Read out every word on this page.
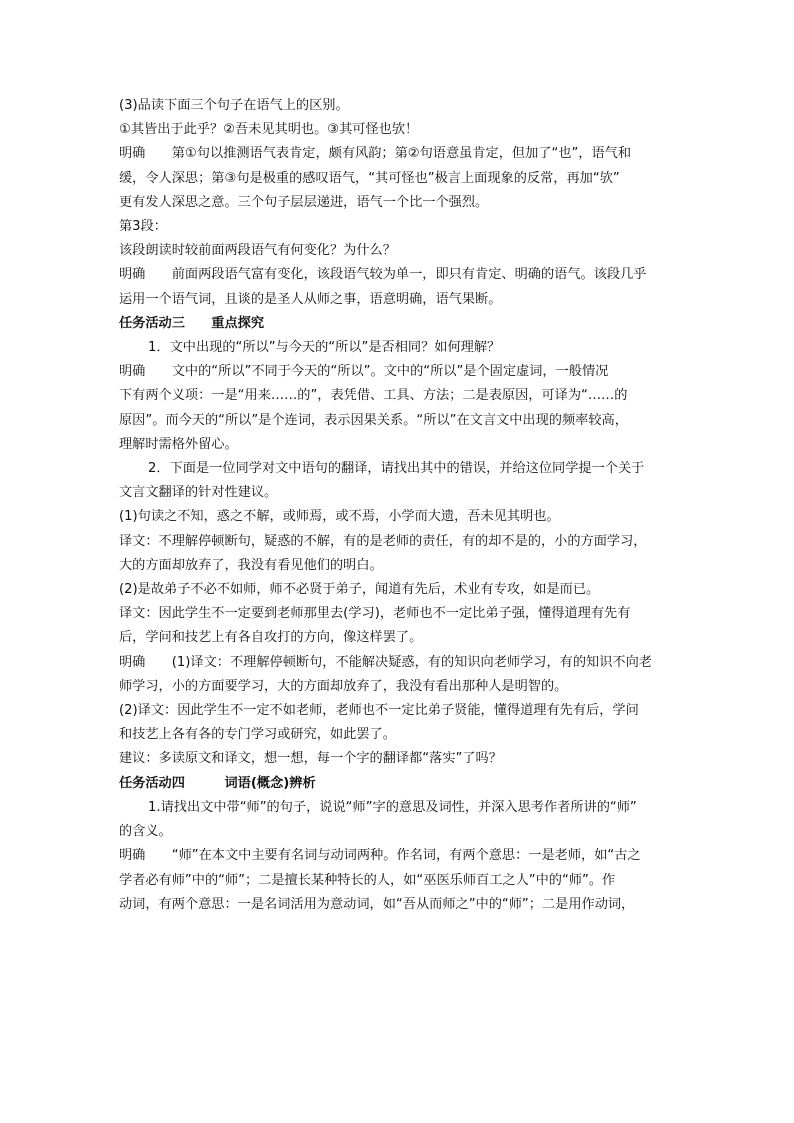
(3)品读下面三个句子在语气上的区别。
①其皆出于此乎？②吾未见其明也。③其可怪也欤！
明确　　第①句以推测语气表肯定，颇有风韵；第②句语意虽肯定，但加了“也”，语气和
缓，令人深思；第③句是极重的感叹语气，“其可怪也”极言上面现象的反常，再加“欤”
更有发人深思之意。三个句子层层递进，语气一个比一个强烈。
第3段：
该段朗读时较前面两段语气有何变化？为什么？
明确　　前面两段语气富有变化，该段语气较为单一，即只有肯定、明确的语气。该段几乎
运用一个语气词，且谈的是圣人从师之事，语意明确，语气果断。
任务活动三　　重点探究
1．文中出现的“所以”与今天的“所以”是否相同？如何理解？
明确　　文中的“所以”不同于今天的“所以”。文中的“所以”是个固定虚词，一般情况
下有两个义项：一是“用来……的”，表凭借、工具、方法；二是表原因，可译为“……的
原因”。而今天的“所以”是个连词，表示因果关系。“所以”在文言文中出现的频率较高，
理解时需格外留心。
2．下面是一位同学对文中语句的翻译，请找出其中的错误，并给这位同学提一个关于
文言文翻译的针对性建议。
(1)句读之不知，惑之不解，或师焉，或不焉，小学而大遗，吾未见其明也。
译文：不理解停顿断句，疑惑的不解，有的是老师的责任，有的却不是的，小的方面学习，
大的方面却放弃了，我没有看见他们的明白。
(2)是故弟子不必不如师，师不必贤于弟子，闻道有先后，术业有专攻，如是而已。
译文：因此学生不一定要到老师那里去(学习)，老师也不一定比弟子强，懂得道理有先有
后，学问和技艺上有各自攻打的方向，像这样罢了。
明确　　(1)译文：不理解停顿断句，不能解决疑惑，有的知识向老师学习，有的知识不向老
师学习，小的方面要学习，大的方面却放弃了，我没有看出那种人是明智的。
(2)译文：因此学生不一定不如老师，老师也不一定比弟子贤能，懂得道理有先有后，学问
和技艺上各有各的专门学习或研究，如此罢了。
建议：多读原文和译文，想一想，每一个字的翻译都“落实”了吗？
任务活动四　　　词语(概念)辨析
1.请找出文中带“师”的句子，说说“师”字的意思及词性，并深入思考作者所讲的“师”
的含义。
明确　　“师”在本文中主要有名词与动词两种。作名词，有两个意思：一是老师，如“古之
学者必有师”中的“师”；二是擅长某种特长的人，如“巫医乐师百工之人”中的“师”。作
动词，有两个意思：一是名词活用为意动词，如“吾从而师之”中的“师”；二是用作动词，
